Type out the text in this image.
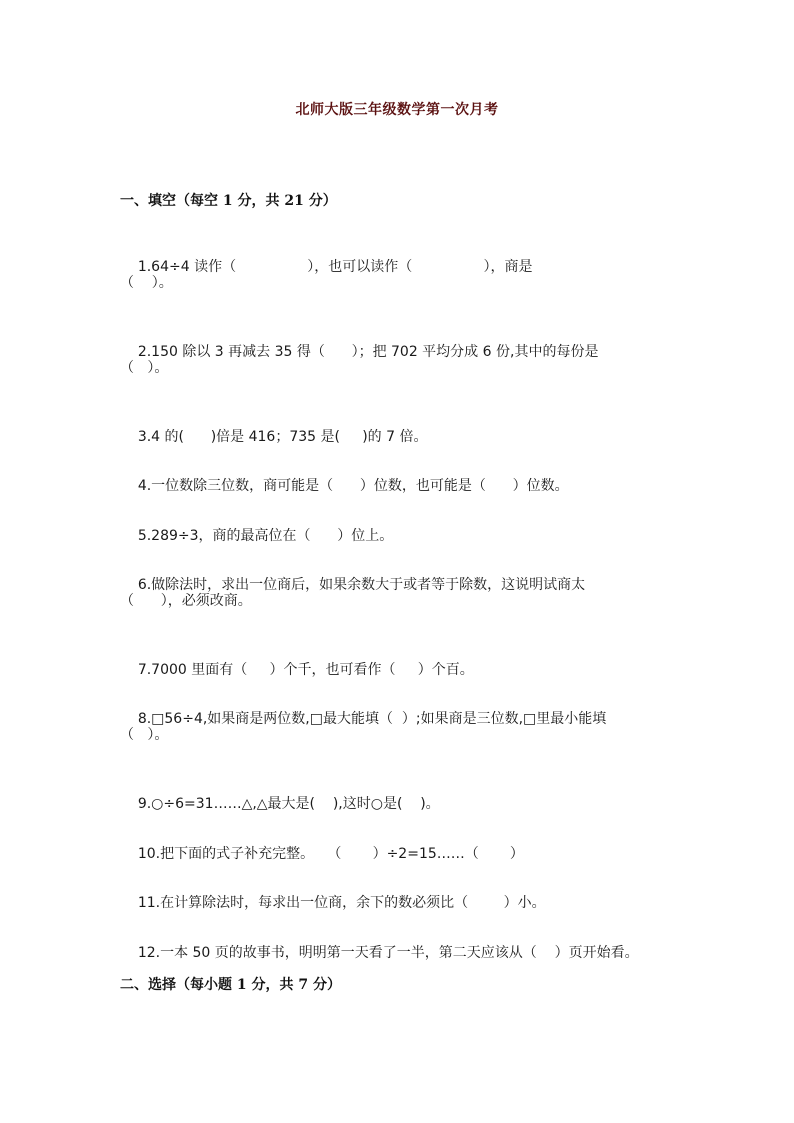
北师大版三年级数学第一次月考
一、填空（每空 1 分，共 21 分）

1.64÷4 读作（                ），也可以读作（                ），商是

（    ）。

2.150 除以 3 再减去 35 得（      ）；把 702 平均分成 6 份,其中的每份是

（   ）。

3.4 的(      )倍是 416；735 是(     )的 7 倍。

4.一位数除三位数，商可能是（      ）位数，也可能是（      ）位数。

5.289÷3，商的最高位在（      ）位上。

6.做除法时，求出一位商后，如果余数大于或者等于除数，这说明试商太

（      ），必须改商。

7.7000 里面有（     ）个千，也可看作（     ）个百。

8.□56÷4,如果商是两位数,□最大能填（  ）;如果商是三位数,□里最小能填

（   ）。

9.○÷6=31……△,△最大是(    ),这时○是(    )。

10.把下面的式子补充完整。   （       ）÷2=15……（       ）

11.在计算除法时，每求出一位商，余下的数必须比（        ）小。

12.一本 50 页的故事书，明明第一天看了一半，第二天应该从（    ）页开始看。

二、选择（每小题 1 分，共 7 分）
